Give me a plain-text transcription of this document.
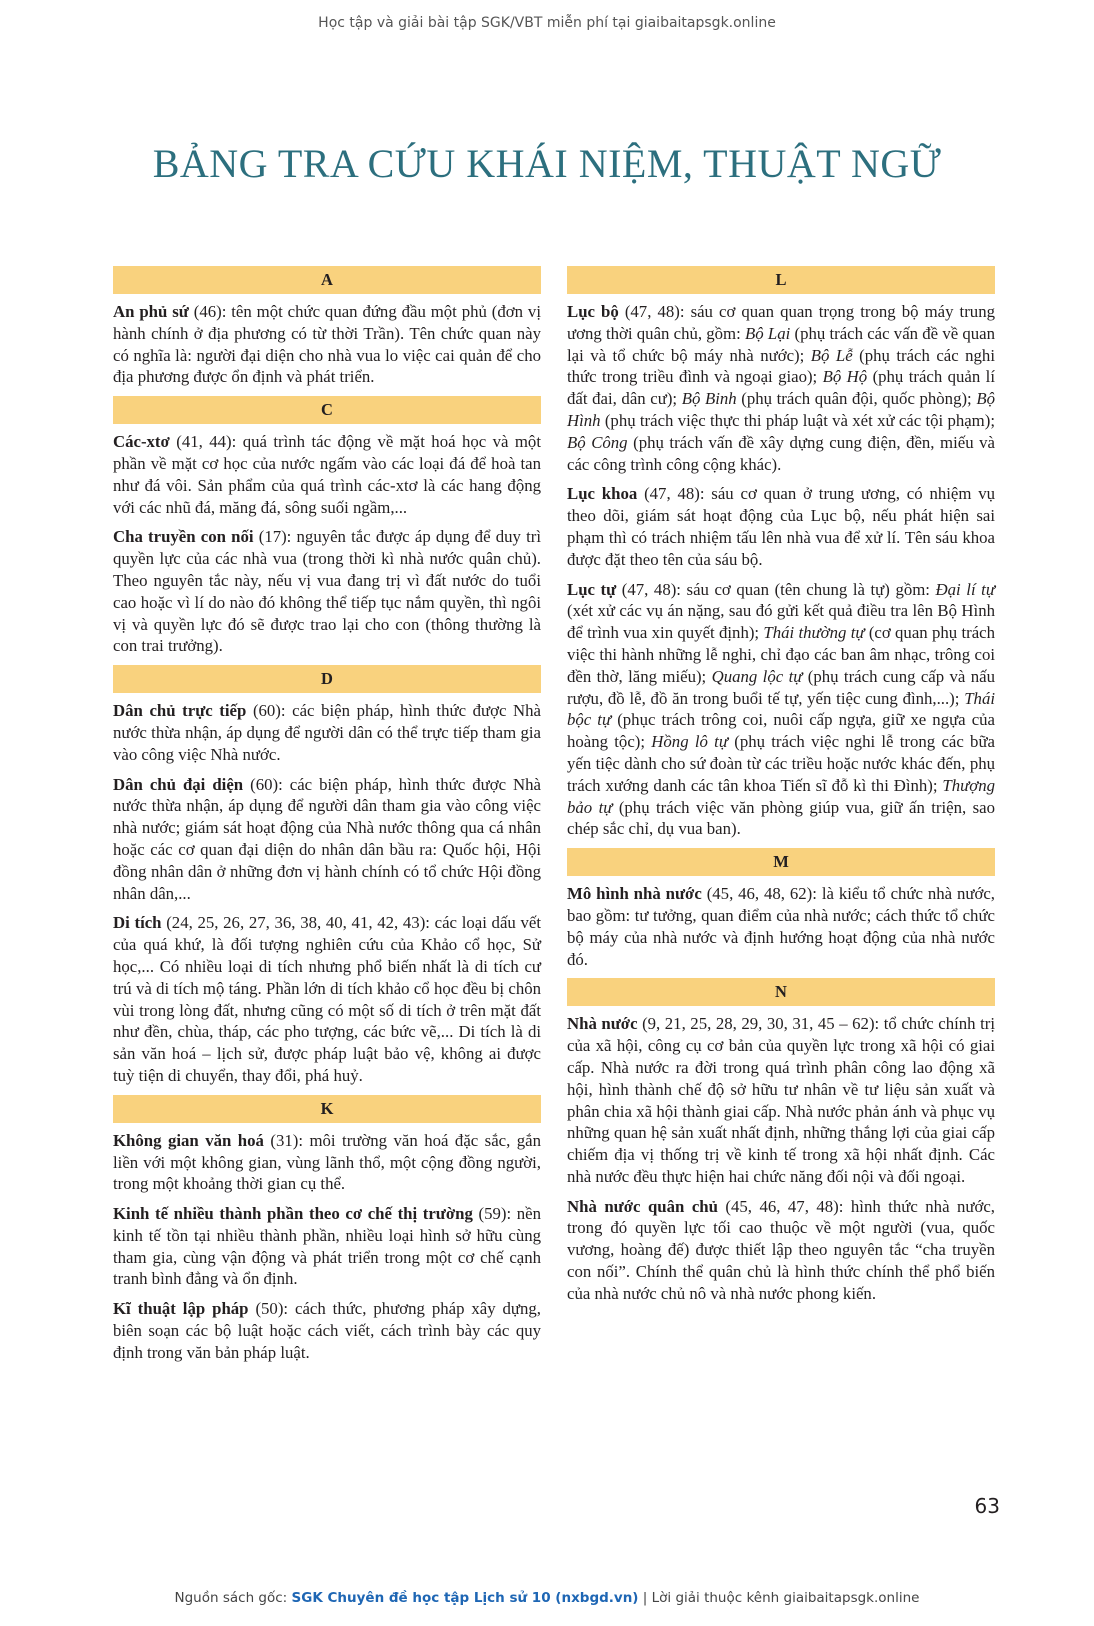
Học tập và giải bài tập SGK/VBT miễn phí tại giaibaitapsgk.online
BẢNG TRA CỨU KHÁI NIỆM, THUẬT NGỮ
A

An phủ sứ (46): tên một chức quan đứng đầu một phủ (đơn vị hành chính ở địa phương có từ thời Trần). Tên chức quan này có nghĩa là: người đại diện cho nhà vua lo việc cai quản để cho địa phương được ổn định và phát triển.

C

Các-xtơ (41, 44): quá trình tác động về mặt hoá học và một phần về mặt cơ học của nước ngấm vào các loại đá để hoà tan như đá vôi. Sản phẩm của quá trình các-xtơ là các hang động với các nhũ đá, măng đá, sông suối ngầm,...

Cha truyền con nối (17): nguyên tắc được áp dụng để duy trì quyền lực của các nhà vua (trong thời kì nhà nước quân chủ). Theo nguyên tắc này, nếu vị vua đang trị vì đất nước do tuổi cao hoặc vì lí do nào đó không thể tiếp tục nắm quyền, thì ngôi vị và quyền lực đó sẽ được trao lại cho con (thông thường là con trai trưởng).

D

Dân chủ trực tiếp (60): các biện pháp, hình thức được Nhà nước thừa nhận, áp dụng để người dân có thể trực tiếp tham gia vào công việc Nhà nước.

Dân chủ đại diện (60): các biện pháp, hình thức được Nhà nước thừa nhận, áp dụng để người dân tham gia vào công việc nhà nước; giám sát hoạt động của Nhà nước thông qua cá nhân hoặc các cơ quan đại diện do nhân dân bầu ra: Quốc hội, Hội đồng nhân dân ở những đơn vị hành chính có tổ chức Hội đồng nhân dân,...

Di tích (24, 25, 26, 27, 36, 38, 40, 41, 42, 43): các loại dấu vết của quá khứ, là đối tượng nghiên cứu của Khảo cổ học, Sử học,... Có nhiều loại di tích nhưng phổ biến nhất là di tích cư trú và di tích mộ táng. Phần lớn di tích khảo cổ học đều bị chôn vùi trong lòng đất, nhưng cũng có một số di tích ở trên mặt đất như đền, chùa, tháp, các pho tượng, các bức vẽ,... Di tích là di sản văn hoá – lịch sử, được pháp luật bảo vệ, không ai được tuỳ tiện di chuyển, thay đổi, phá huỷ.

K

Không gian văn hoá (31): môi trường văn hoá đặc sắc, gắn liền với một không gian, vùng lãnh thổ, một cộng đồng người, trong một khoảng thời gian cụ thể.

Kinh tế nhiều thành phần theo cơ chế thị trường (59): nền kinh tế tồn tại nhiều thành phần, nhiều loại hình sở hữu cùng tham gia, cùng vận động và phát triển trong một cơ chế cạnh tranh bình đẳng và ổn định.

Kĩ thuật lập pháp (50): cách thức, phương pháp xây dựng, biên soạn các bộ luật hoặc cách viết, cách trình bày các quy định trong văn bản pháp luật.

L

Lục bộ (47, 48): sáu cơ quan quan trọng trong bộ máy trung ương thời quân chủ, gồm: Bộ Lại (phụ trách các vấn đề về quan lại và tổ chức bộ máy nhà nước); Bộ Lễ (phụ trách các nghi thức trong triều đình và ngoại giao); Bộ Hộ (phụ trách quản lí đất đai, dân cư); Bộ Binh (phụ trách quân đội, quốc phòng); Bộ Hình (phụ trách việc thực thi pháp luật và xét xử các tội phạm); Bộ Công (phụ trách vấn đề xây dựng cung điện, đền, miếu và các công trình công cộng khác).

Lục khoa (47, 48): sáu cơ quan ở trung ương, có nhiệm vụ theo dõi, giám sát hoạt động của Lục bộ, nếu phát hiện sai phạm thì có trách nhiệm tấu lên nhà vua để xử lí. Tên sáu khoa được đặt theo tên của sáu bộ.

Lục tự (47, 48): sáu cơ quan (tên chung là tự) gồm: Đại lí tự (xét xử các vụ án nặng, sau đó gửi kết quả điều tra lên Bộ Hình để trình vua xin quyết định); Thái thường tự (cơ quan phụ trách việc thi hành những lễ nghi, chỉ đạo các ban âm nhạc, trông coi đền thờ, lăng miếu); Quang lộc tự (phụ trách cung cấp và nấu rượu, đồ lễ, đồ ăn trong buổi tế tự, yến tiệc cung đình,...); Thái bộc tự (phục trách trông coi, nuôi cấp ngựa, giữ xe ngựa của hoàng tộc); Hồng lô tự (phụ trách việc nghi lễ trong các bữa yến tiệc dành cho sứ đoàn từ các triều hoặc nước khác đến, phụ trách xướng danh các tân khoa Tiến sĩ đỗ kì thi Đình); Thượng bảo tự (phụ trách việc văn phòng giúp vua, giữ ấn triện, sao chép sắc chỉ, dụ vua ban).

M

Mô hình nhà nước (45, 46, 48, 62): là kiểu tổ chức nhà nước, bao gồm: tư tưởng, quan điểm của nhà nước; cách thức tổ chức bộ máy của nhà nước và định hướng hoạt động của nhà nước đó.

N

Nhà nước (9, 21, 25, 28, 29, 30, 31, 45 – 62): tổ chức chính trị của xã hội, công cụ cơ bản của quyền lực trong xã hội có giai cấp. Nhà nước ra đời trong quá trình phân công lao động xã hội, hình thành chế độ sở hữu tư nhân về tư liệu sản xuất và phân chia xã hội thành giai cấp. Nhà nước phản ánh và phục vụ những quan hệ sản xuất nhất định, những thắng lợi của giai cấp chiếm địa vị thống trị về kinh tế trong xã hội nhất định. Các nhà nước đều thực hiện hai chức năng đối nội và đối ngoại.

Nhà nước quân chủ (45, 46, 47, 48): hình thức nhà nước, trong đó quyền lực tối cao thuộc về một người (vua, quốc vương, hoàng đế) được thiết lập theo nguyên tắc “cha truyền con nối”. Chính thể quân chủ là hình thức chính thể phổ biến của nhà nước chủ nô và nhà nước phong kiến.

63
Nguồn sách gốc: SGK Chuyên đề học tập Lịch sử 10 (nxbgd.vn) | Lời giải thuộc kênh giaibaitapsgk.online
